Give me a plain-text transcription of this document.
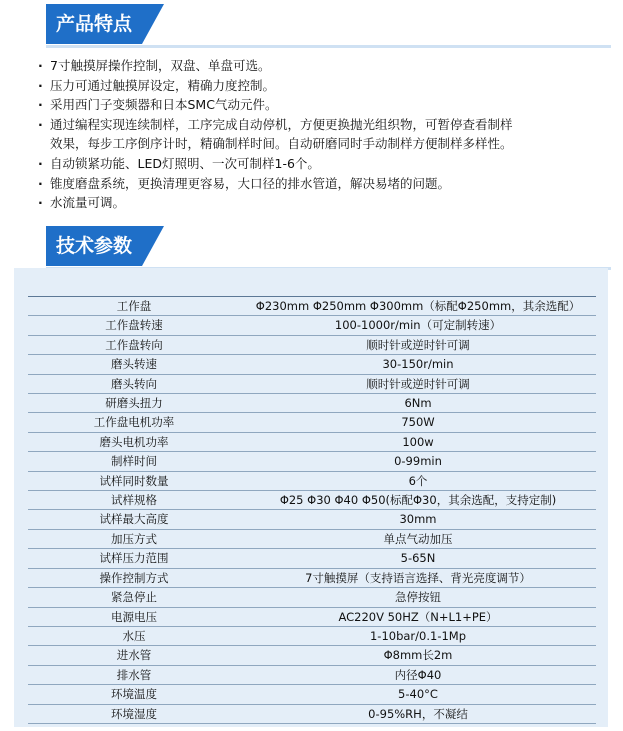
产品特点
· 7寸触摸屏操作控制，双盘、单盘可选。
· 压力可通过触摸屏设定，精确力度控制。
· 采用西门子变频器和日本SMC气动元件。
· 通过编程实现连续制样，工序完成自动停机，方便更换抛光组织物，可暂停查看制样
效果，每步工序倒序计时，精确制样时间。自动研磨同时手动制样方便制样多样性。
· 自动锁紧功能、LED灯照明、一次可制样1-6个。
· 锥度磨盘系统，更换清理更容易，大口径的排水管道，解决易堵的问题。
· 水流量可调。
技术参数
工作盘	Φ230mm Φ250mm Φ300mm（标配Φ250mm，其余选配）
工作盘转速	100-1000r/min（可定制转速）
工作盘转向	顺时针或逆时针可调
磨头转速	30-150r/min
磨头转向	顺时针或逆时针可调
研磨头扭力	6Nm
工作盘电机功率	750W
磨头电机功率	100w
制样时间	0-99min
试样同时数量	6个
试样规格	Φ25 Φ30 Φ40 Φ50(标配Φ30，其余选配，支持定制)
试样最大高度	30mm
加压方式	单点气动加压
试样压力范围	5-65N
操作控制方式	7寸触摸屏（支持语言选择、背光亮度调节）
紧急停止	急停按钮
电源电压	AC220V 50HZ（N+L1+PE）
水压	1-10bar/0.1-1Mp
进水管	Φ8mm长2m
排水管	内径Φ40
环境温度	5-40°C
环境湿度	0-95%RH，不凝结
